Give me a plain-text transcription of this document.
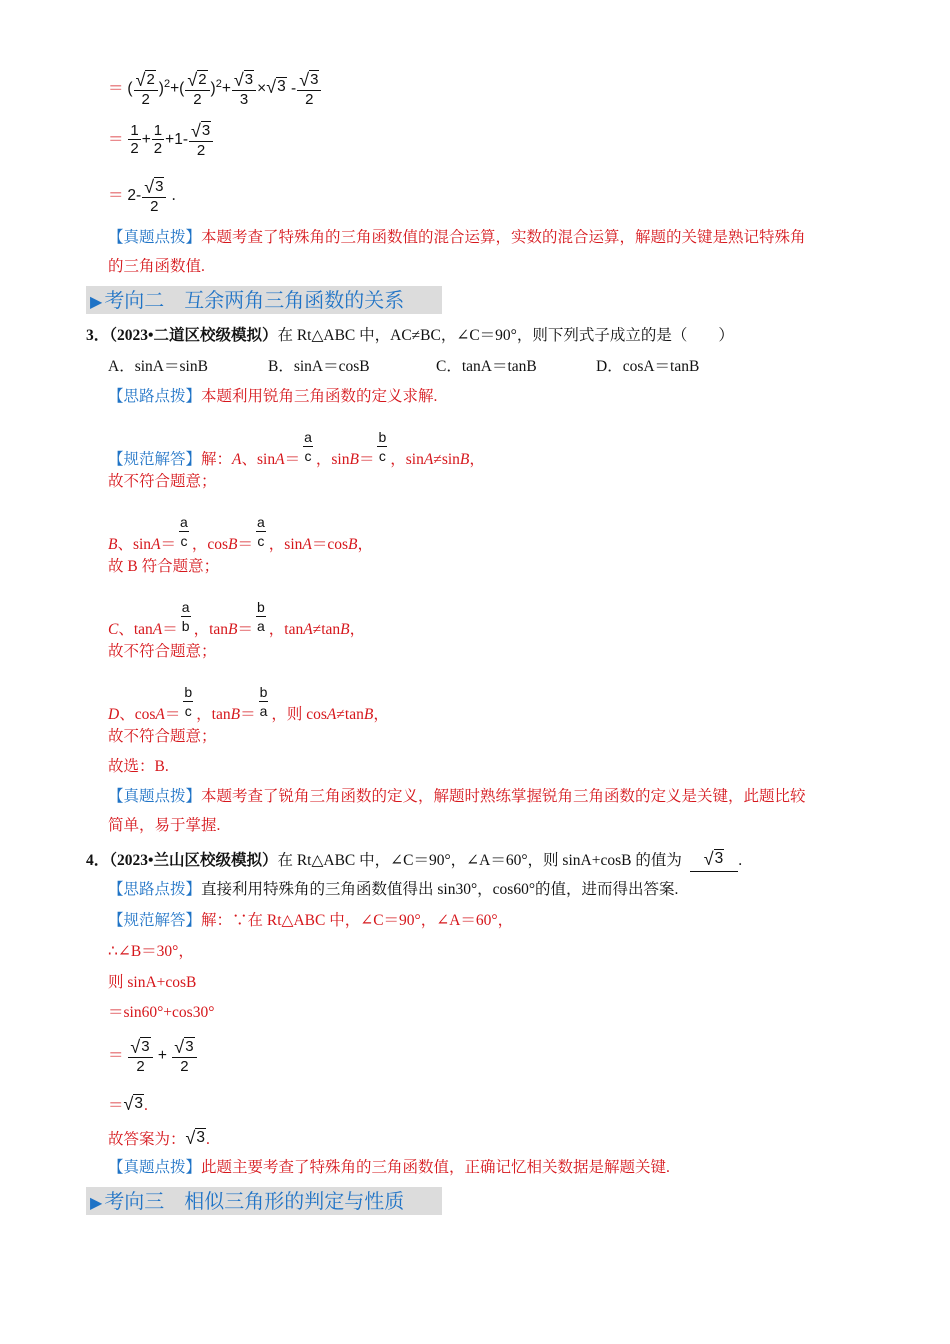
＝ ( $\frac{√ 2}{2} )^2+( \frac{√ 2}{2} )^2+ \frac{√ 3}{3}$ × √ $3 - \frac{√ 3}{2}$
＝ $\frac{1}{2} + \frac{1}{2} +1- \frac{√ 3}{2}$
＝ $2- \frac{√ 3}{2}$ .
【真题点拨】本题考查了特殊角的三角函数值的混合运算，实数的混合运算，解题的关键是熟记特殊角
的三角函数值.
▶ 考向二　互余两角三角函数的关系
3．（2023•二道区校级模拟）在 Rt△ABC 中，AC≠BC，∠C＝90°，则下列式子成立的是（　　）
A．sinA＝sinB	B．sinA＝cosB	C．tanA＝tanB	D．cosA＝tanB
【思路点拨】本题利用锐角三角函数的定义求解.
【规范解答】解：A、$\sin A= \frac{a}{c}$ ，$\sin B= \frac{b}{c}$ ，sinA≠sinB，
故不符合题意；
B、$\sin A= \frac{a}{c}$ ，$\cos B= \frac{a}{c}$ ，sinA＝cosB，
故 B 符合题意；
C、$\tan A= \frac{a}{b}$ ，$\tan B= \frac{b}{a}$ ，tanA≠tanB，
故不符合题意；
D、$\cos A= \frac{b}{c}$ ，$\tan B= \frac{b}{a}$ ，则 cosA≠tanB，
故不符合题意；
故选：B.
【真题点拨】本题考查了锐角三角函数的定义，解题时熟练掌握锐角三角函数的定义是关键，此题比较
简单，易于掌握.
4．（2023•兰山区校级模拟）在 Rt△ABC 中，∠C＝90°，∠A＝60°，则 sinA+cosB 的值为 √ 3 .
【思路点拨】直接利用特殊角的三角函数值得出 sin30°，cos60°的值，进而得出答案.
【规范解答】解：∵在 Rt△ABC 中，∠C＝90°，∠A＝60°，
∴∠B＝30°，
则 sinA+cosB
＝sin60°+cos30°
＝ $\frac{√ 3}{2} + \frac{√ 3}{2}$
＝ √ 3 .
故答案为： √ 3 .
【真题点拨】此题主要考查了特殊角的三角函数值，正确记忆相关数据是解题关键.
▶ 考向三　相似三角形的判定与性质
